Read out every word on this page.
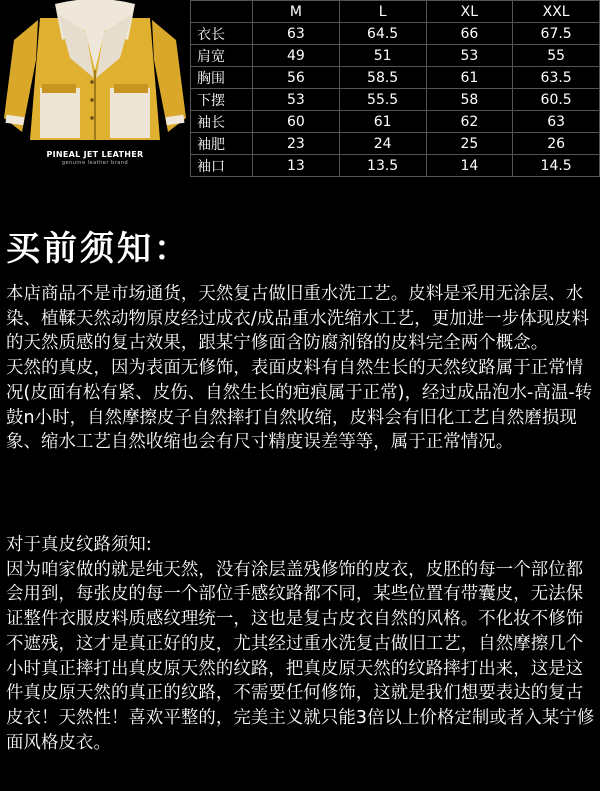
PINEAL JET LEATHER
genuine leather brand
	M	L	XL	XXL
衣长	63	64.5	66	67.5
肩宽	49	51	53	55
胸围	56	58.5	61	63.5
下摆	53	55.5	58	60.5
袖长	60	61	62	63
袖肥	23	24	25	26
袖口	13	13.5	14	14.5
买前须知：
本店商品不是市场通货，天然复古做旧重水洗工艺。皮料是采用无涂层、水染、植鞣天然动物原皮经过成衣/成品重水洗缩水工艺，更加进一步体现皮料的天然质感的复古效果，跟某宁修面含防腐剂铬的皮料完全两个概念。
天然的真皮，因为表面无修饰，表面皮料有自然生长的天然纹路属于正常情况(皮面有松有紧、皮伤、自然生长的疤痕属于正常)，经过成品泡水-高温-转鼓n小时，自然摩擦皮子自然摔打自然收缩，皮料会有旧化工艺自然磨损现象、缩水工艺自然收缩也会有尺寸精度误差等等，属于正常情况。
对于真皮纹路须知:
因为咱家做的就是纯天然，没有涂层盖残修饰的皮衣，皮胚的每一个部位都会用到，每张皮的每一个部位手感纹路都不同，某些位置有带囊皮，无法保证整件衣服皮料质感纹理统一，这也是复古皮衣自然的风格。不化妆不修饰不遮残，这才是真正好的皮，尤其经过重水洗复古做旧工艺，自然摩擦几个小时真正摔打出真皮原天然的纹路，把真皮原天然的纹路摔打出来，这是这件真皮原天然的真正的纹路，不需要任何修饰，这就是我们想要表达的复古皮衣！天然性！喜欢平整的，完美主义就只能3倍以上价格定制或者入某宁修面风格皮衣。
